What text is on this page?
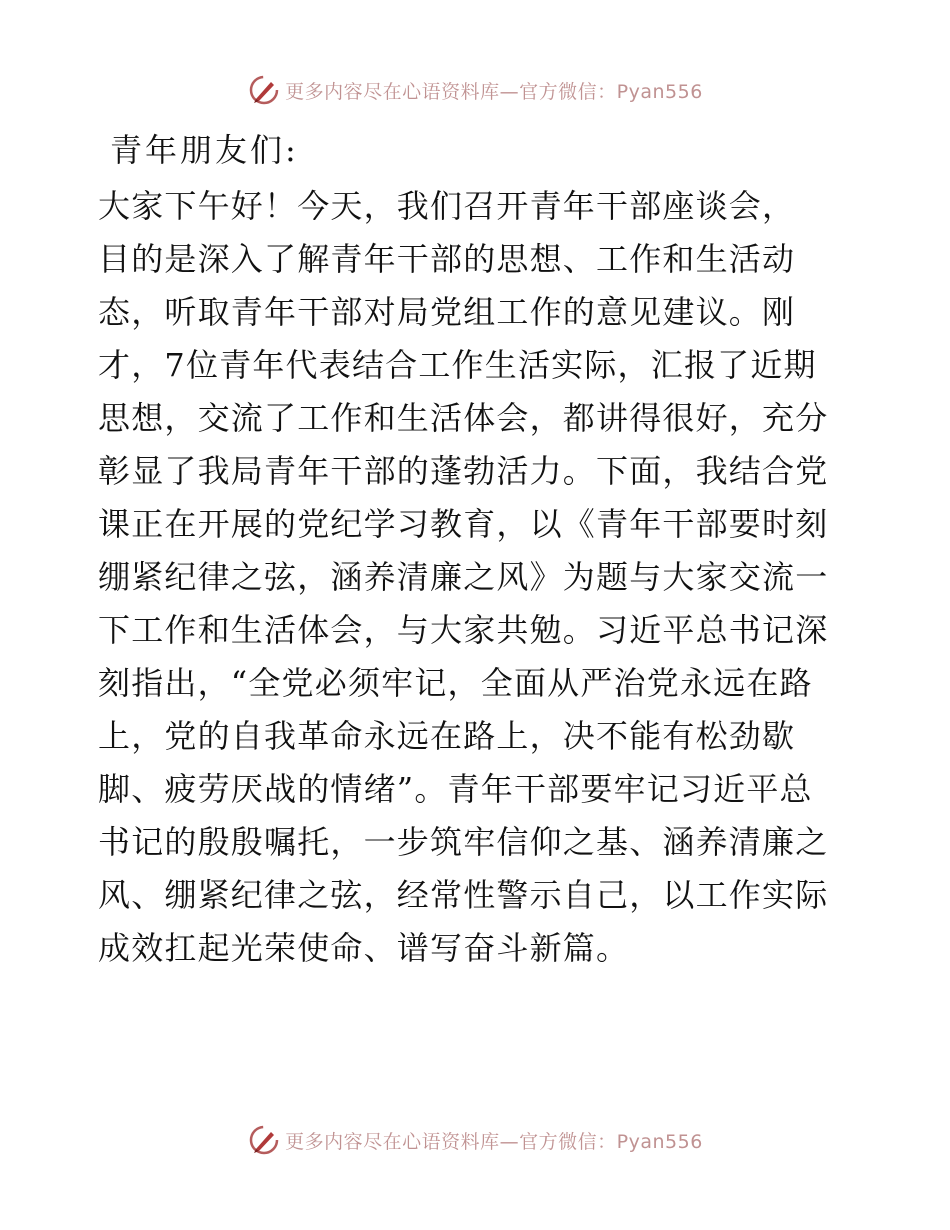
更多内容尽在心语资料库—官方微信：Pyan556
青年朋友们:
大家下午好！今天，我们召开青年干部座谈会，
目的是深入了解青年干部的思想、工作和生活动
态，听取青年干部对局党组工作的意见建议。刚
才，7位青年代表结合工作生活实际，汇报了近期
思想，交流了工作和生活体会，都讲得很好，充分
彰显了我局青年干部的蓬勃活力。下面，我结合党
课正在开展的党纪学习教育，以《青年干部要时刻
绷紧纪律之弦，涵养清廉之风》为题与大家交流一
下工作和生活体会，与大家共勉。习近平总书记深
刻指出，“全党必须牢记，全面从严治党永远在路
上，党的自我革命永远在路上，决不能有松劲歇
脚、疲劳厌战的情绪”。青年干部要牢记习近平总
书记的殷殷嘱托，一步筑牢信仰之基、涵养清廉之
风、绷紧纪律之弦，经常性警示自己，以工作实际
成效扛起光荣使命、谱写奋斗新篇。
更多内容尽在心语资料库—官方微信：Pyan556
